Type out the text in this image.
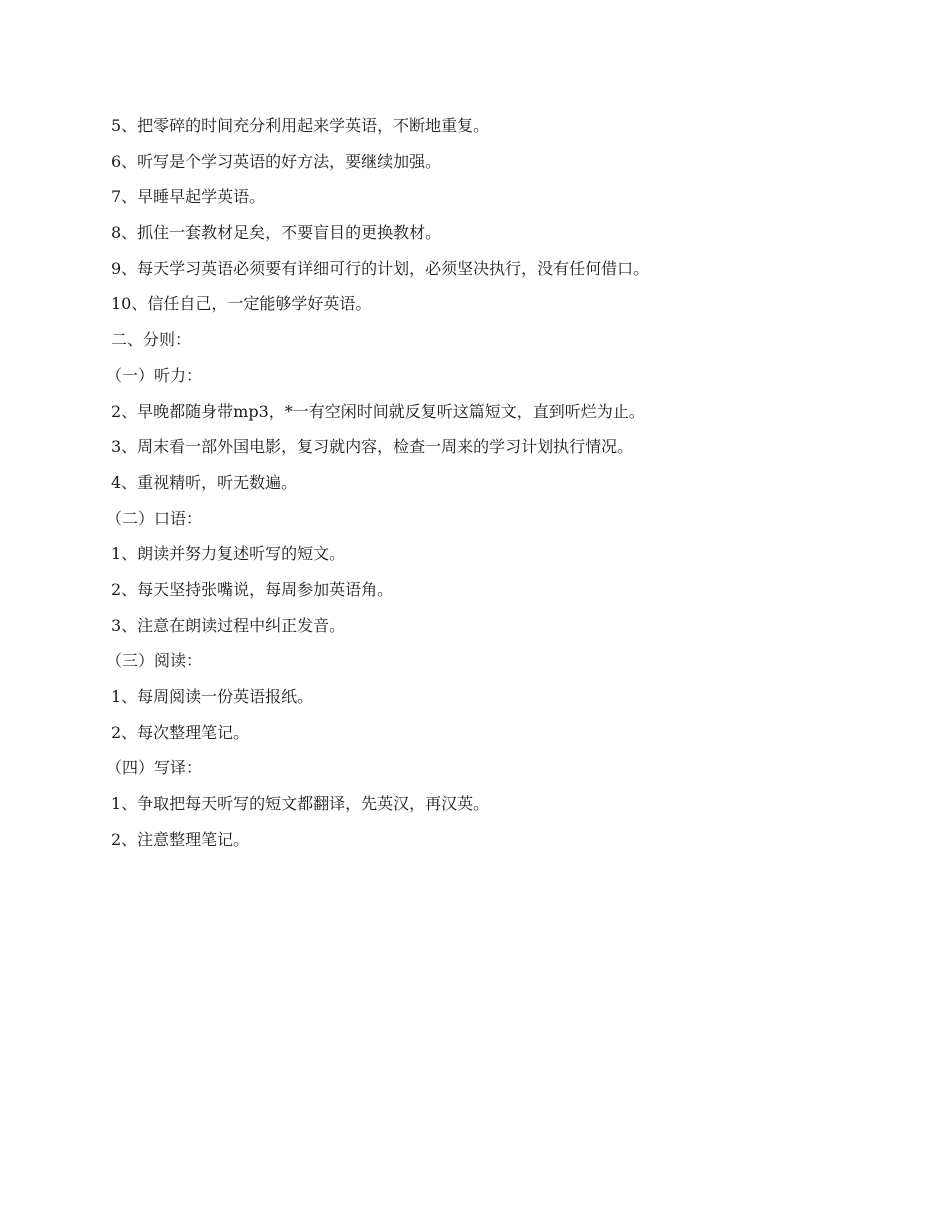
5、把零碎的时间充分利用起来学英语，不断地重复。
6、听写是个学习英语的好方法，要继续加强。
7、早睡早起学英语。
8、抓住一套教材足矣，不要盲目的更换教材。
9、每天学习英语必须要有详细可行的计划，必须坚决执行，没有任何借口。
10、信任自己，一定能够学好英语。
二、分则：
（一）听力：
2、早晚都随身带mp3，*一有空闲时间就反复听这篇短文，直到听烂为止。
3、周末看一部外国电影，复习就内容，检查一周来的学习计划执行情况。
4、重视精听，听无数遍。
（二）口语：
1、朗读并努力复述听写的短文。
2、每天坚持张嘴说，每周参加英语角。
3、注意在朗读过程中纠正发音。
（三）阅读：
1、每周阅读一份英语报纸。
2、每次整理笔记。
（四）写译：
1、争取把每天听写的短文都翻译，先英汉，再汉英。
2、注意整理笔记。
